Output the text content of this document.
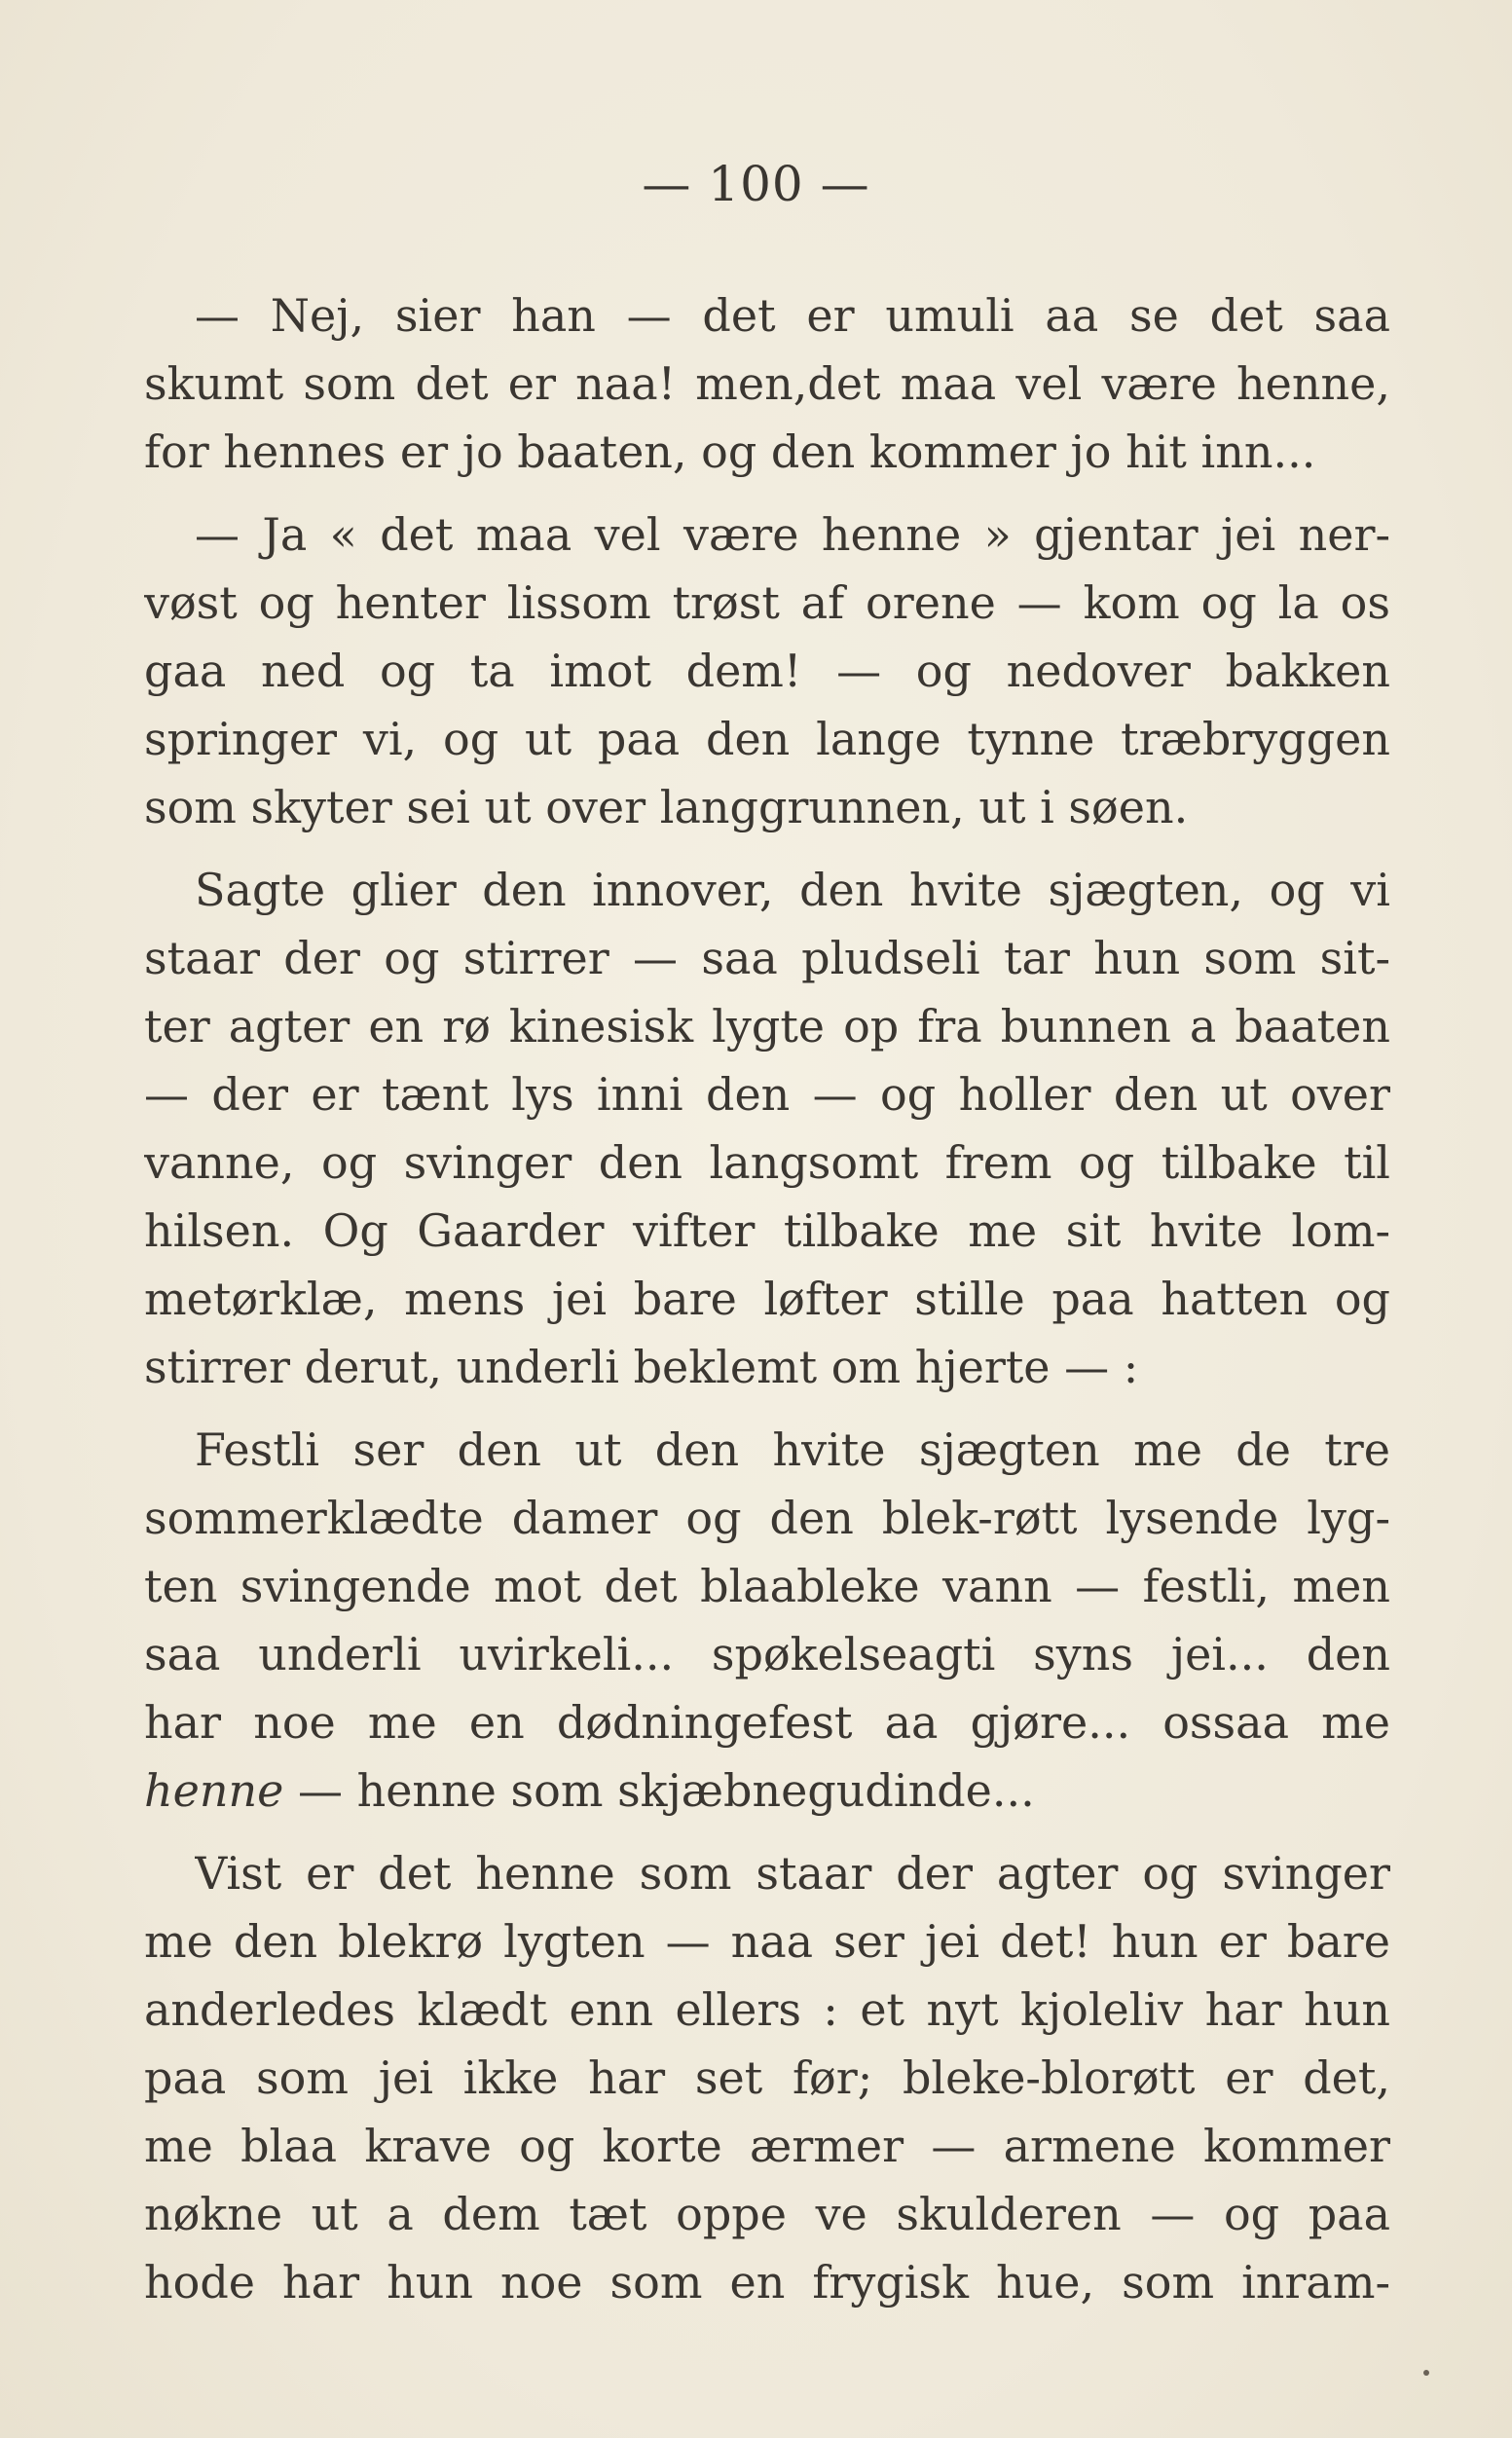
— 100 —
— Nej, sier han — det er umuli aa se det saa
skumt som det er naa! men,det maa vel være henne,
for hennes er jo baaten, og den kommer jo hit inn...
— Ja « det maa vel være henne » gjentar jei ner-
vøst og henter lissom trøst af orene — kom og la os
gaa ned og ta imot dem! — og nedover bakken
springer vi, og ut paa den lange tynne træbryggen
som skyter sei ut over langgrunnen, ut i søen.
Sagte glier den innover, den hvite sjægten, og vi
staar der og stirrer — saa pludseli tar hun som sit-
ter agter en rø kinesisk lygte op fra bunnen a baaten
— der er tænt lys inni den — og holler den ut over
vanne, og svinger den langsomt frem og tilbake til
hilsen. Og Gaarder vifter tilbake me sit hvite lom-
metørklæ, mens jei bare løfter stille paa hatten og
stirrer derut, underli beklemt om hjerte — :
Festli ser den ut den hvite sjægten me de tre
sommerklædte damer og den blek-røtt lysende lyg-
ten svingende mot det blaableke vann — festli, men
saa underli uvirkeli... spøkelseagti syns jei... den
har noe me en dødningefest aa gjøre... ossaa me
henne — henne som skjæbnegudinde...
Vist er det henne som staar der agter og svinger
me den blekrø lygten — naa ser jei det! hun er bare
anderledes klædt enn ellers : et nyt kjoleliv har hun
paa som jei ikke har set før; bleke-blorøtt er det,
me blaa krave og korte ærmer — armene kommer
nøkne ut a dem tæt oppe ve skulderen — og paa
hode har hun noe som en frygisk hue, som inram-
